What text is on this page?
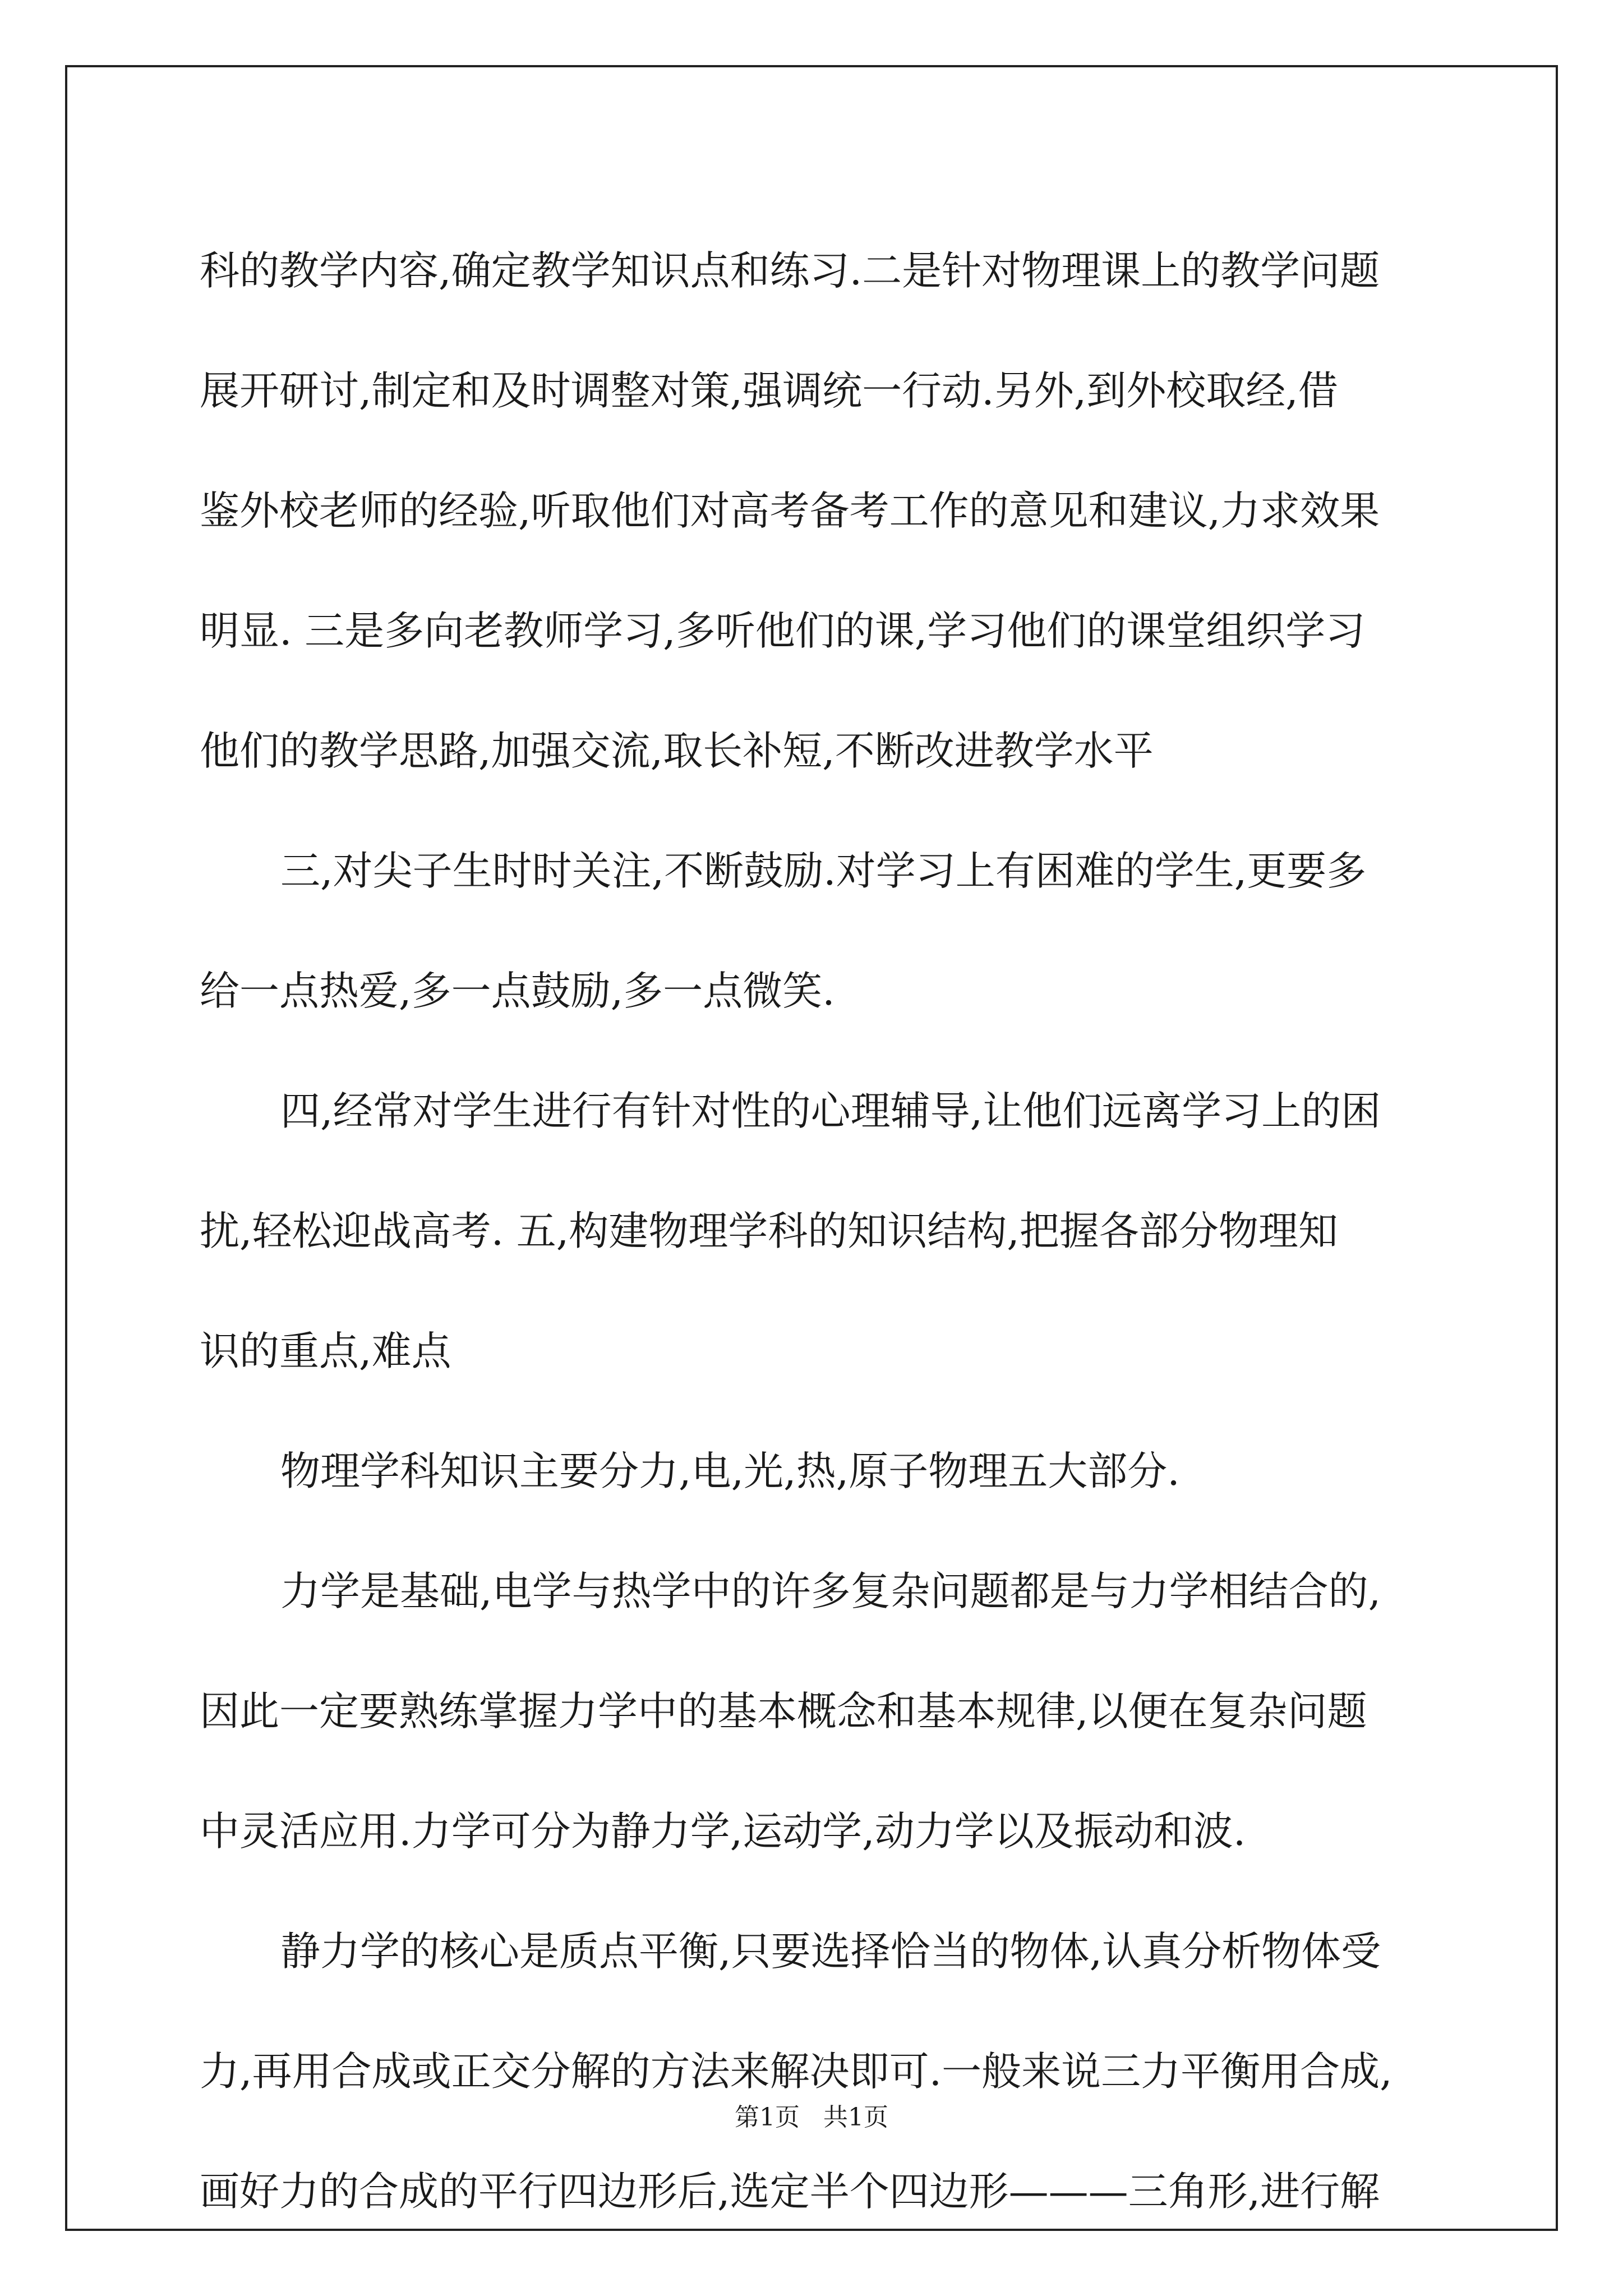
科的教学内容,确定教学知识点和练习.二是针对物理课上的教学问题
展开研讨,制定和及时调整对策,强调统一行动.另外,到外校取经,借
鉴外校老师的经验,听取他们对高考备考工作的意见和建议,力求效果
明显. 三是多向老教师学习,多听他们的课,学习他们的课堂组织学习
他们的教学思路,加强交流,取长补短,不断改进教学水平
三,对尖子生时时关注,不断鼓励.对学习上有困难的学生,更要多
给一点热爱,多一点鼓励,多一点微笑.
四,经常对学生进行有针对性的心理辅导,让他们远离学习上的困
扰,轻松迎战高考. 五,构建物理学科的知识结构,把握各部分物理知
识的重点,难点
物理学科知识主要分力,电,光,热,原子物理五大部分.
力学是基础,电学与热学中的许多复杂问题都是与力学相结合的,
因此一定要熟练掌握力学中的基本概念和基本规律,以便在复杂问题
中灵活应用.力学可分为静力学,运动学,动力学以及振动和波.
静力学的核心是质点平衡,只要选择恰当的物体,认真分析物体受
力,再用合成或正交分解的方法来解决即可.一般来说三力平衡用合成,
画好力的合成的平行四边形后,选定半个四边形———三角形,进行解
第1页   共1页
